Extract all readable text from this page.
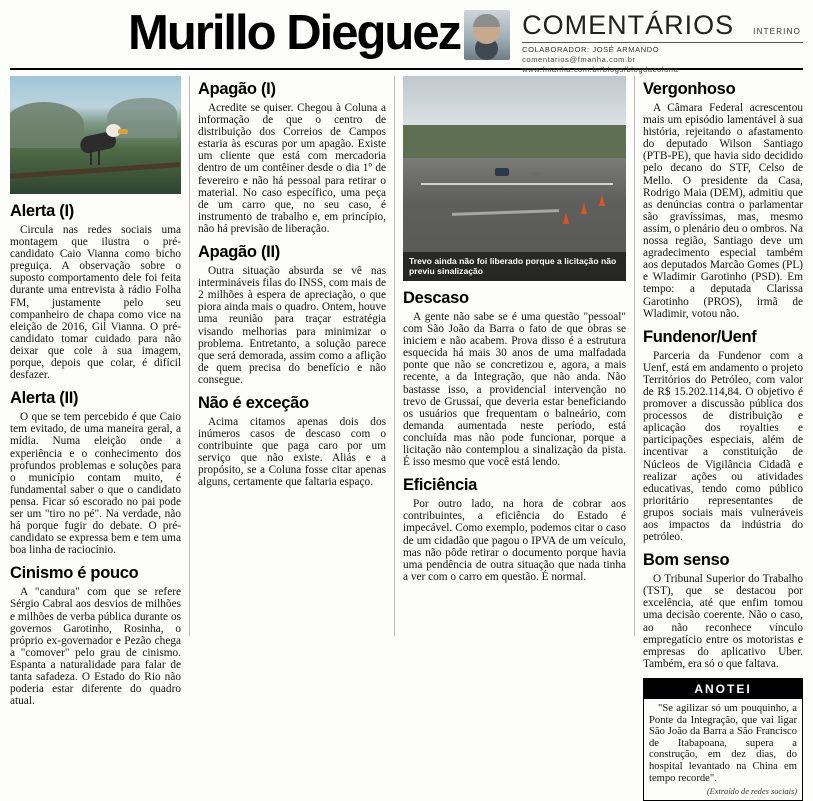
Murillo Dieguez COMENTÁRIOS INTERINO
COLABORADOR: JOSÉ ARMANDO
comentarios@fmanha.com.br
www.fmanha.com.br/blogs/blogdacoluna
Alerta (I)

Circula nas redes sociais uma montagem que ilustra o pré-candidato Caio Vianna como bicho preguiça. A observação sobre o suposto comportamento dele foi feita durante uma entrevista à rádio Folha FM, justamente pelo seu companheiro de chapa como vice na eleição de 2016, Gil Vianna. O pré-candidato tomar cuidado para não deixar que cole à sua imagem, porque, depois que colar, é difícil desfazer.

Alerta (II)

O que se tem percebido é que Caio tem evitado, de uma maneira geral, a mídia. Numa eleição onde a experiência e o conhecimento dos profundos problemas e soluções para o município contam muito, é fundamental saber o que o candidato pensa. Ficar só escorado no pai pode ser um "tiro no pé". Na verdade, não há porque fugir do debate. O pré-candidato se expressa bem e tem uma boa linha de raciocínio.

Cinismo é pouco

A "candura" com que se refere Sérgio Cabral aos desvios de milhões e milhões de verba pública durante os governos Garotinho, Rosinha, o próprio ex-governador e Pezão chega a "comover" pelo grau de cinismo. Espanta a naturalidade para falar de tanta safadeza. O Estado do Rio não poderia estar diferente do quadro atual.

Apagão (I)

Acredite se quiser. Chegou à Coluna a informação de que o centro de distribuição dos Correios de Campos estaria às escuras por um apagão. Existe um cliente que está com mercadoria dentro de um contêiner desde o dia 1º de fevereiro e não há pessoal para retirar o material. No caso específico, uma peça de um carro que, no seu caso, é instrumento de trabalho e, em princípio, não há previsão de liberação.

Apagão (II)

Outra situação absurda se vê nas intermináveis filas do INSS, com mais de 2 milhões à espera de apreciação, o que piora ainda mais o quadro. Ontem, houve uma reunião para traçar estratégia visando melhorias para minimizar o problema. Entretanto, a solução parece que será demorada, assim como a aflição de quem precisa do benefício e não consegue.

Não é exceção

Acima citamos apenas dois dos inúmeros casos de descaso com o contribuinte que paga caro por um serviço que não existe. Aliás e a propósito, se a Coluna fosse citar apenas alguns, certamente que faltaria espaço.

Trevo ainda não foi liberado porque a licitação não previu sinalização
Descaso

A gente não sabe se é uma questão "pessoal" com São João da Barra o fato de que obras se iniciem e não acabem. Prova disso é a estrutura esquecida há mais 30 anos de uma malfadada ponte que não se concretizou e, agora, a mais recente, a da Integração, que não anda. Não bastasse isso, a providencial intervenção no trevo de Grussaí, que deveria estar beneficiando os usuários que frequentam o balneário, com demanda aumentada neste período, está concluída mas não pode funcionar, porque a licitação não contemplou a sinalização da pista. É isso mesmo que você está lendo.

Eficiência

Por outro lado, na hora de cobrar aos contribuintes, a eficiência do Estado é impecável. Como exemplo, podemos citar o caso de um cidadão que pagou o IPVA de um veículo, mas não pôde retirar o documento porque havia uma pendência de outra situação que nada tinha a ver com o carro em questão. É normal.

Vergonhoso

A Câmara Federal acrescentou mais um episódio lamentável à sua história, rejeitando o afastamento do deputado Wilson Santiago (PTB-PE), que havia sido decidido pelo decano do STF, Celso de Mello. O presidente da Casa, Rodrigo Maia (DEM), admitiu que as denúncias contra o parlamentar são gravíssimas, mas, mesmo assim, o plenário deu o ombros. Na nossa região, Santiago deve um agradecimento especial também aos deputados Marcão Gomes (PL) e Wladimir Garotinho (PSD). Em tempo: a deputada Clarissa Garotinho (PROS), irmã de Wladimir, votou não.

Fundenor/Uenf

Parceria da Fundenor com a Uenf, está em andamento o projeto Territórios do Petróleo, com valor de R$ 15.202.114,84. O objetivo é promover a discussão pública dos processos de distribuição e aplicação dos royalties e participações especiais, além de incentivar a constituição de Núcleos de Vigilância Cidadã e realizar ações ou atividades educativas, tendo como público prioritário representantes de grupos sociais mais vulneráveis aos impactos da indústria do petróleo.

Bom senso

O Tribunal Superior do Trabalho (TST), que se destacou por excelência, até que enfim tomou uma decisão coerente. Não o caso, ao não reconhece vínculo empregatício entre os motoristas e empresas do aplicativo Uber. Também, era só o que faltava.

ANOTEI

"Se agilizar só um pouquinho, a Ponte da Integração, que vai ligar São João da Barra a São Francisco de Itabapoana, supera a construção, em dez dias, do hospital levantado na China em tempo recorde".

(Extraído de redes sociais)
